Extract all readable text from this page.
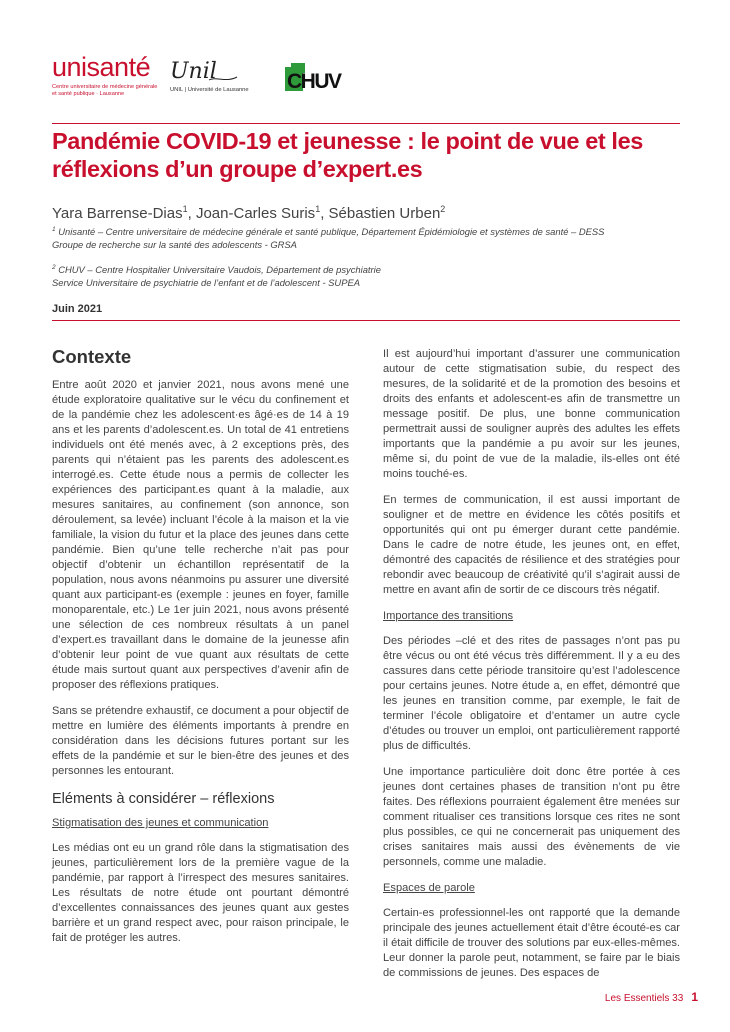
unisanté
Centre universitaire de médecine générale
et santé publique · Lausanne
Unil
UNIL | Université de Lausanne	CHUV
Pandémie COVID-19 et jeunesse : le point de vue et les réflexions d’un groupe d’expert.es
Yara Barrense-Dias$^1$, Joan-Carles Suris$^1$, Sébastien Urben$^2$
$^1$ Unisanté – Centre universitaire de médecine générale et santé publique, Département Épidémiologie et systèmes de santé – DESS
Groupe de recherche sur la santé des adolescents - GRSA
$^2$ CHUV – Centre Hospitalier Universitaire Vaudois, Département de psychiatrie
Service Universitaire de psychiatrie de l’enfant et de l’adolescent - SUPEA
Juin 2021
Contexte

Entre août 2020 et janvier 2021, nous avons mené une étude exploratoire qualitative sur le vécu du confinement et de la pandémie chez les adolescent·es âgé·es de 14 à 19 ans et les parents d’adolescent.es. Un total de 41 entretiens individuels ont été menés avec, à 2 exceptions près, des parents qui n’étaient pas les parents des adolescent.es interrogé.es. Cette étude nous a permis de collecter les expériences des participant.es quant à la maladie, aux mesures sanitaires, au confinement (son annonce, son déroulement, sa levée) incluant l’école à la maison et la vie familiale, la vision du futur et la place des jeunes dans cette pandémie. Bien qu’une telle recherche n’ait pas pour objectif d’obtenir un échantillon représentatif de la population, nous avons néanmoins pu assurer une diversité quant aux participant-es (exemple : jeunes en foyer, famille monoparentale, etc.) Le 1er juin 2021, nous avons présenté une sélection de ces nombreux résultats à un panel d’expert.es travaillant dans le domaine de la jeunesse afin d’obtenir leur point de vue quant aux résultats de cette étude mais surtout quant aux perspectives d’avenir afin de proposer des réflexions pratiques.

Sans se prétendre exhaustif, ce document a pour objectif de mettre en lumière des éléments importants à prendre en considération dans les décisions futures portant sur les effets de la pandémie et sur le bien-être des jeunes et des personnes les entourant.

Eléments à considérer – réflexions
Stigmatisation des jeunes et communication

Les médias ont eu un grand rôle dans la stigmatisation des jeunes, particulièrement lors de la première vague de la pandémie, par rapport à l’irrespect des mesures sanitaires. Les résultats de notre étude ont pourtant démontré d’excellentes connaissances des jeunes quant aux gestes barrière et un grand respect avec, pour raison principale, le fait de protéger les autres.

Il est aujourd’hui important d’assurer une communication autour de cette stigmatisation subie, du respect des mesures, de la solidarité et de la promotion des besoins et droits des enfants et adolescent-es afin de transmettre un message positif. De plus, une bonne communication permettrait aussi de souligner auprès des adultes les effets importants que la pandémie a pu avoir sur les jeunes, même si, du point de vue de la maladie, ils-elles ont été moins touché-es.

En termes de communication, il est aussi important de souligner et de mettre en évidence les côtés positifs et opportunités qui ont pu émerger durant cette pandémie. Dans le cadre de notre étude, les jeunes ont, en effet, démontré des capacités de résilience et des stratégies pour rebondir avec beaucoup de créativité qu’il s’agirait aussi de mettre en avant afin de sortir de ce discours très négatif.

Importance des transitions

Des périodes –clé et des rites de passages n’ont pas pu être vécus ou ont été vécus très différemment. Il y a eu des cassures dans cette période transitoire qu’est l’adolescence pour certains jeunes. Notre étude a, en effet, démontré que les jeunes en transition comme, par exemple, le fait de terminer l’école obligatoire et d’entamer un autre cycle d’études ou trouver un emploi, ont particulièrement rapporté plus de difficultés.

Une importance particulière doit donc être portée à ces jeunes dont certaines phases de transition n’ont pu être faites. Des réflexions pourraient également être menées sur comment ritualiser ces transitions lorsque ces rites ne sont plus possibles, ce qui ne concernerait pas uniquement des crises sanitaires mais aussi des évènements de vie personnels, comme une maladie.

Espaces de parole

Certain-es professionnel-les ont rapporté que la demande principale des jeunes actuellement était d’être écouté-es car il était difficile de trouver des solutions par eux-elles-mêmes. Leur donner la parole peut, notamment, se faire par le biais de commissions de jeunes. Des espaces de

Les Essentiels 33 1
